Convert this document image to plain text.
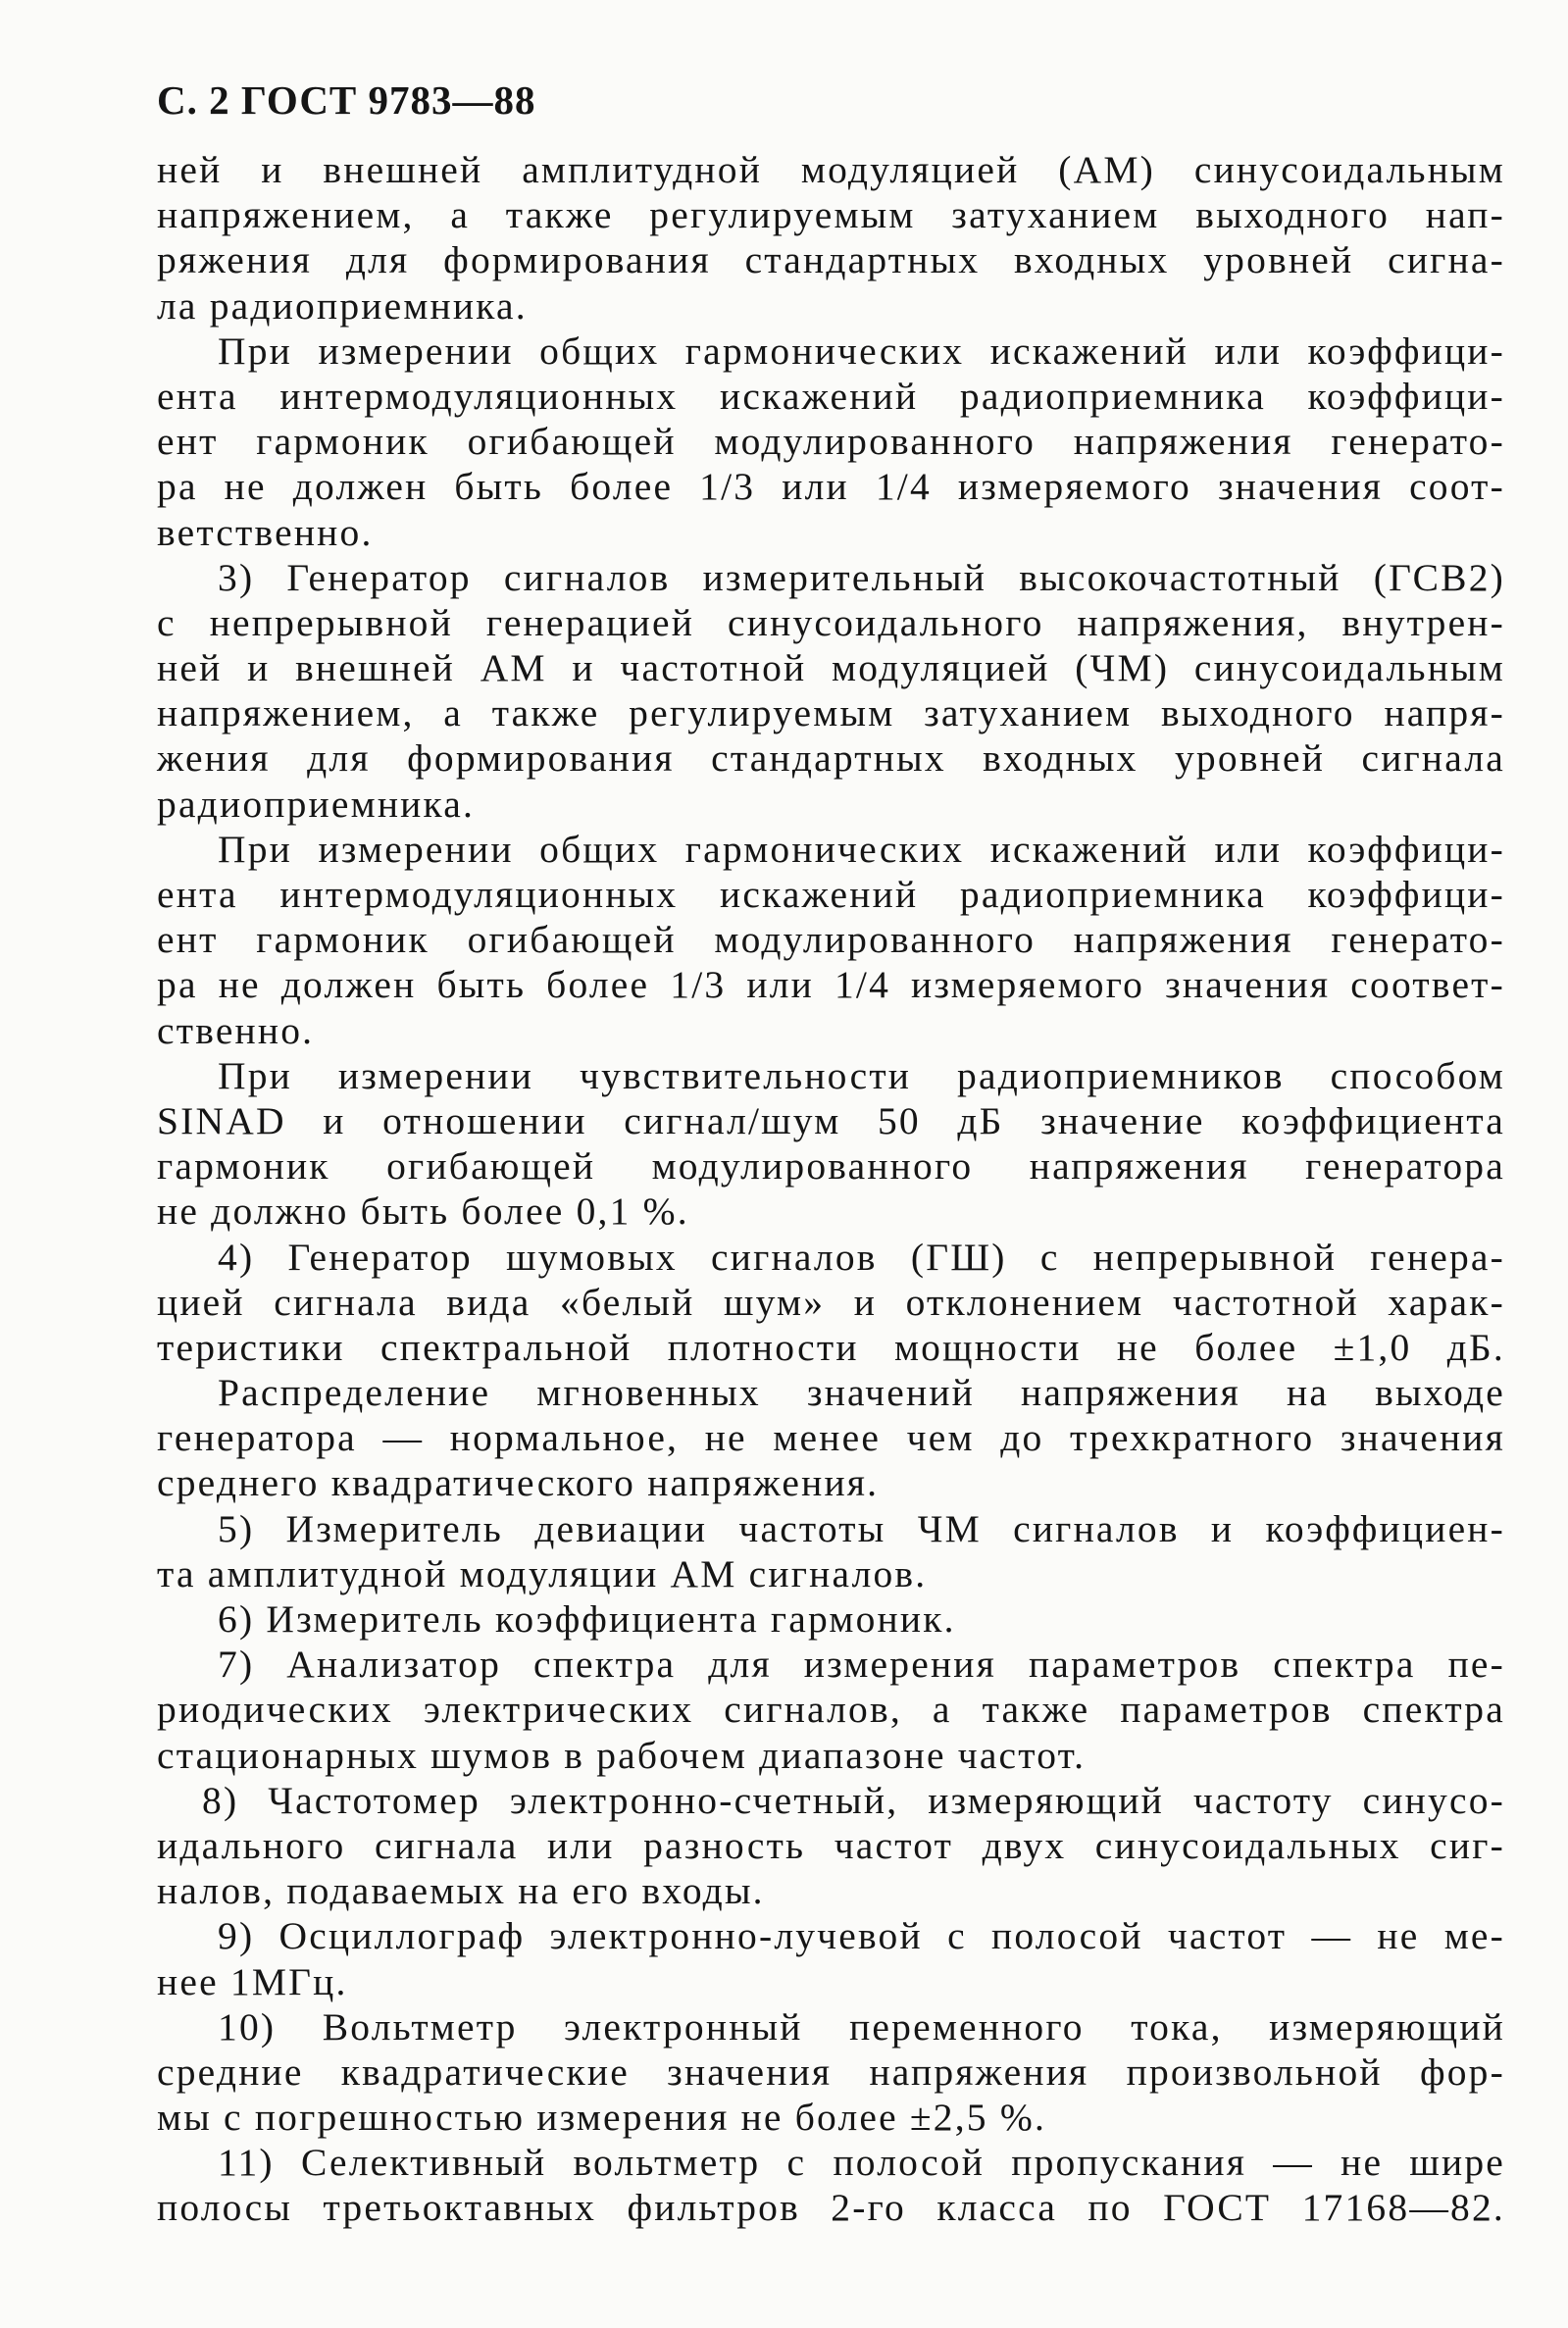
С. 2 ГОСТ 9783—88
ней и внешней амплитудной модуляцией (АМ) синусоидальным
напряжением, а также регулируемым затуханием выходного нап-
ряжения для формирования стандартных входных уровней сигна-
ла радиоприемника.
При измерении общих гармонических искажений или коэффици-
ента интермодуляционных искажений радиоприемника коэффици-
ент гармоник огибающей модулированного напряжения генерато-
ра не должен быть более 1/3 или 1/4 измеряемого значения соот-
ветственно.
3) Генератор сигналов измерительный высокочастотный (ГСВ2)
с непрерывной генерацией синусоидального напряжения, внутрен-
ней и внешней АМ и частотной модуляцией (ЧМ) синусоидальным
напряжением, а также регулируемым затуханием выходного напря-
жения для формирования стандартных входных уровней сигнала
радиоприемника.
При измерении общих гармонических искажений или коэффици-
ента интермодуляционных искажений радиоприемника коэффици-
ент гармоник огибающей модулированного напряжения генерато-
ра не должен быть более 1/3 или 1/4 измеряемого значения соответ-
ственно.
При измерении чувствительности радиоприемников способом
SINAD и отношении сигнал/шум 50 дБ значение коэффициента
гармоник огибающей модулированного напряжения генератора
не должно быть более 0,1 %.
4) Генератор шумовых сигналов (ГШ) с непрерывной генера-
цией сигнала вида «белый шум» и отклонением частотной харак-
теристики спектральной плотности мощности не более ±1,0 дБ.
Распределение мгновенных значений напряжения на выходе
генератора — нормальное, не менее чем до трехкратного значения
среднего квадратического напряжения.
5) Измеритель девиации частоты ЧМ сигналов и коэффициен-
та амплитудной модуляции АМ сигналов.
6) Измеритель коэффициента гармоник.
7) Анализатор спектра для измерения параметров спектра пе-
риодических электрических сигналов, а также параметров спектра
стационарных шумов в рабочем диапазоне частот.
8) Частотомер электронно-счетный, измеряющий частоту синусо-
идального сигнала или разность частот двух синусоидальных сиг-
налов, подаваемых на его входы.
9) Осциллограф электронно-лучевой с полосой частот — не ме-
нее 1МГц.
10) Вольтметр электронный переменного тока, измеряющий
средние квадратические значения напряжения произвольной фор-
мы с погрешностью измерения не более ±2,5 %.
11) Селективный вольтметр с полосой пропускания — не шире
полосы третьоктавных фильтров 2-го класса по ГОСТ 17168—82.
